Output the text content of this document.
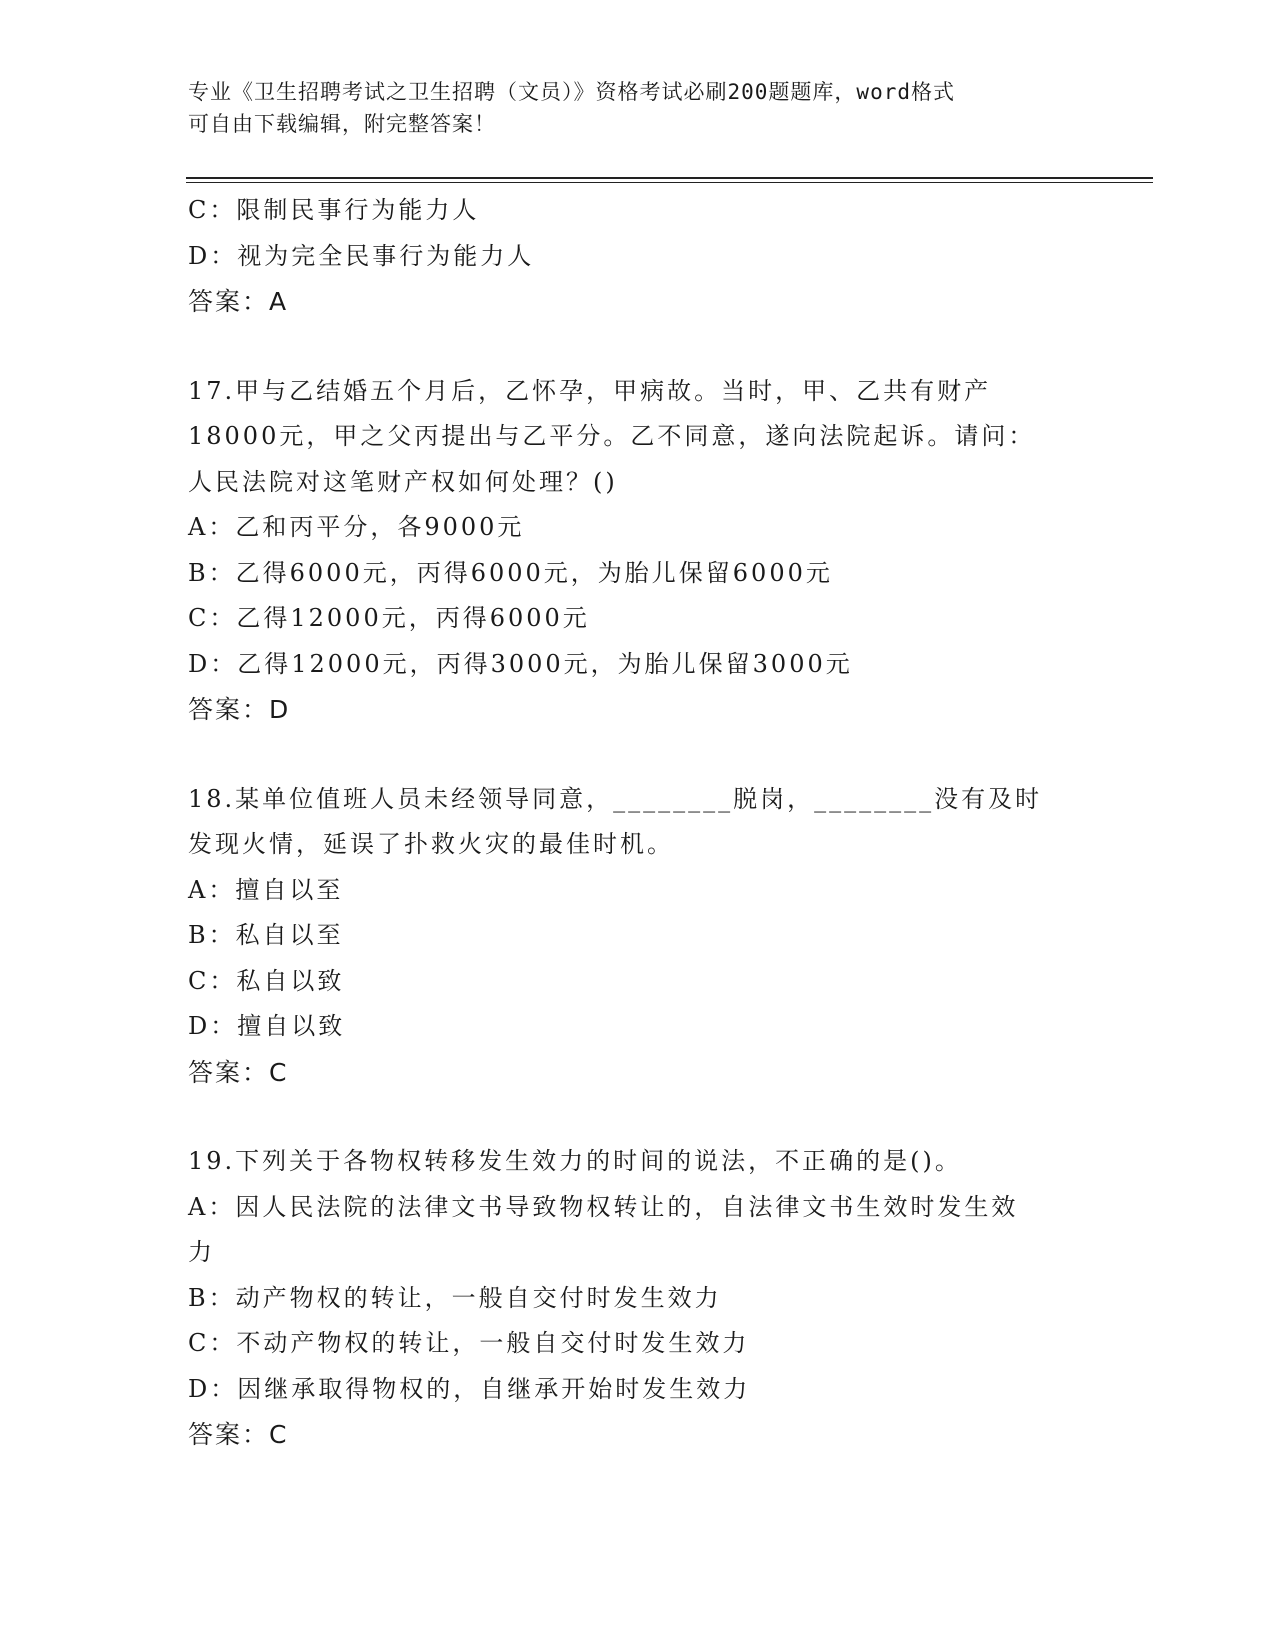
专业《卫生招聘考试之卫生招聘（文员）》资格考试必刷200题题库，word格式
可自由下载编辑，附完整答案！
C：限制民事行为能力人
D：视为完全民事行为能力人
答案：A
17.甲与乙结婚五个月后，乙怀孕，甲病故。当时，甲、乙共有财产
18000元，甲之父丙提出与乙平分。乙不同意，遂向法院起诉。请问：
人民法院对这笔财产权如何处理？()
A：乙和丙平分，各9000元
B：乙得6000元，丙得6000元，为胎儿保留6000元
C：乙得12000元，丙得6000元
D：乙得12000元，丙得3000元，为胎儿保留3000元
答案：D
18.某单位值班人员未经领导同意，________脱岗，________没有及时
发现火情，延误了扑救火灾的最佳时机。
A：擅自以至
B：私自以至
C：私自以致
D：擅自以致
答案：C
19.下列关于各物权转移发生效力的时间的说法，不正确的是()。
A：因人民法院的法律文书导致物权转让的，自法律文书生效时发生效
力
B：动产物权的转让，一般自交付时发生效力
C：不动产物权的转让，一般自交付时发生效力
D：因继承取得物权的，自继承开始时发生效力
答案：C
